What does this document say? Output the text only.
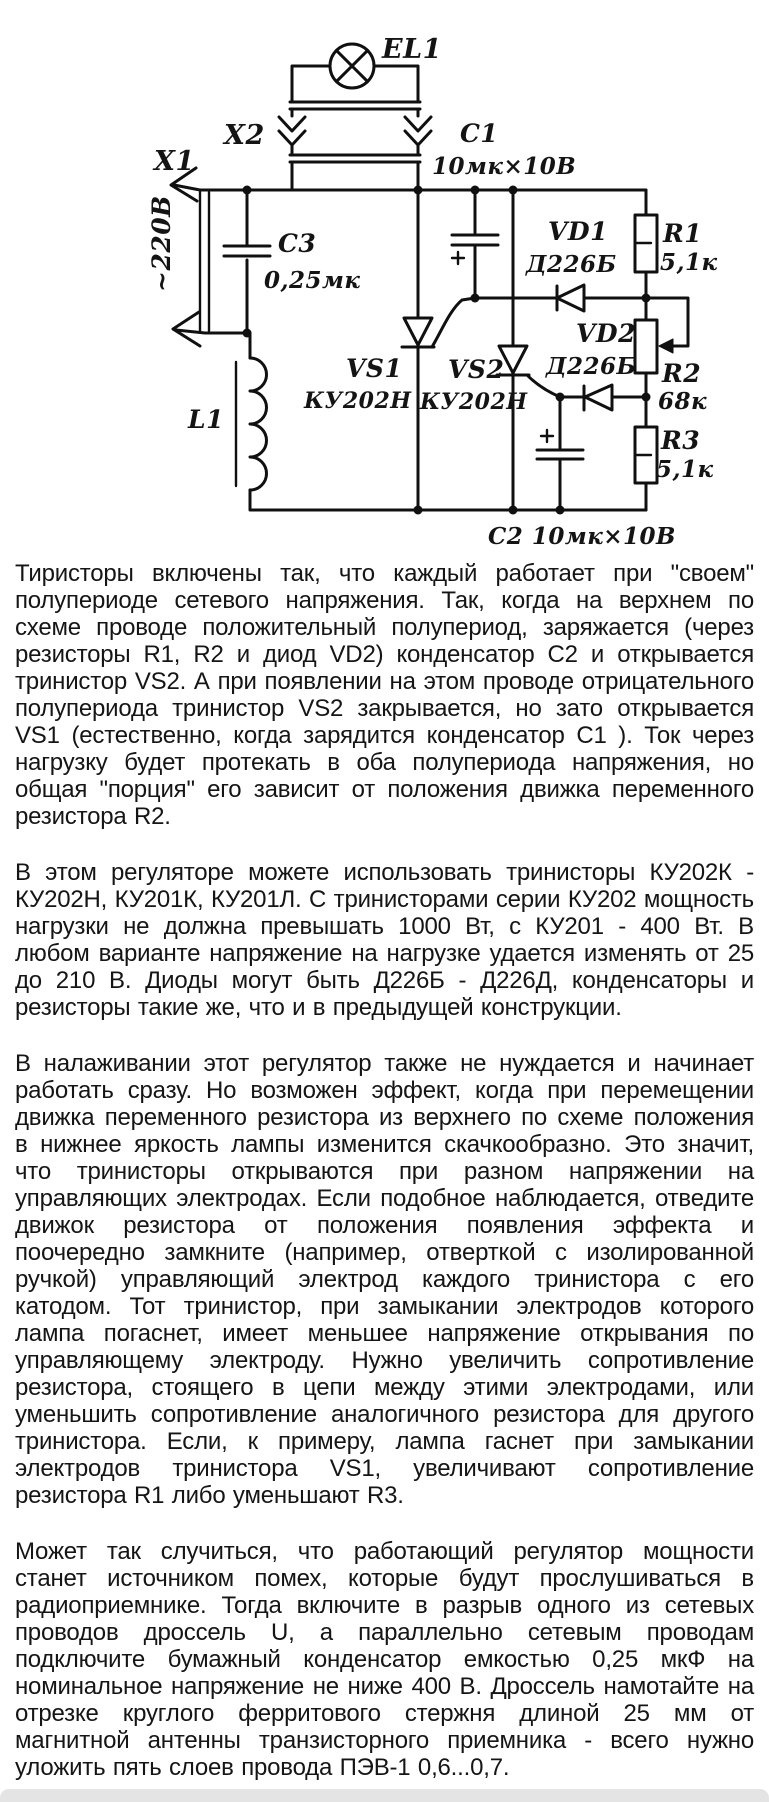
EL1
X2
X1
~220В
C1
10мк×10В
C3
0,25мк
VD1
Д226Б
R1
5,1к
VD2
Д226Б R2
68к
R3
5,1к
VS1
КУ202Н
VS2
КУ202Н
L1
С2 10мк×10В

Тиристоры включены так, что каждый работает при "своем" полупериоде сетевого напряжения. Так, когда на верхнем по схеме проводе положительный полупериод, заряжается (через резисторы R1, R2 и диод VD2) конденсатор C2 и открывается тринистор VS2. А при появлении на этом проводе отрицательного полупериода тринистор VS2 закрывается, но зато открывается VS1 (естественно, когда зарядится конденсатор C1 ). Ток через нагрузку будет протекать в оба полупериода напряжения, но общая "порция" его зависит от положения движка переменного резистора R2.

В этом регуляторе можете использовать тринисторы КУ202К - КУ202Н, КУ201К, КУ201Л. С тринисторами серии КУ202 мощность нагрузки не должна превышать 1000 Вт, с КУ201 - 400 Вт. В любом варианте напряжение на нагрузке удается изменять от 25 до 210 В. Диоды могут быть Д226Б - Д226Д, конденсаторы и резисторы такие же, что и в предыдущей конструкции.

В налаживании этот регулятор также не нуждается и начинает работать сразу. Но возможен эффект, когда при перемещении движка переменного резистора из верхнего по схеме положения в нижнее яркость лампы изменится скачкообразно. Это значит, что тринисторы открываются при разном напряжении на управляющих электродах. Если подобное наблюдается, отведите движок резистора от положения появления эффекта и поочередно замкните (например, отверткой с изолированной ручкой) управляющий электрод каждого тринистора с его катодом. Тот тринистор, при замыкании электродов которого лампа погаснет, имеет меньшее напряжение открывания по управляющему электроду. Нужно увеличить сопротивление резистора, стоящего в цепи между этими электродами, или уменьшить сопротивление аналогичного резистора для другого тринистора. Если, к примеру, лампа гаснет при замыкании электродов тринистора VS1, увеличивают сопротивление резистора R1 либо уменьшают R3.

Может так случиться, что работающий регулятор мощности станет источником помех, которые будут прослушиваться в радиоприемнике. Тогда включите в разрыв одного из сетевых проводов дроссель U, а параллельно сетевым проводам подключите бумажный конденсатор емкостью 0,25 мкФ на номинальное напряжение не ниже 400 В. Дроссель намотайте на отрезке круглого ферритового стержня длиной 25 мм от магнитной антенны транзисторного приемника - всего нужно уложить пять слоев провода ПЭВ-1 0,6...0,7.
